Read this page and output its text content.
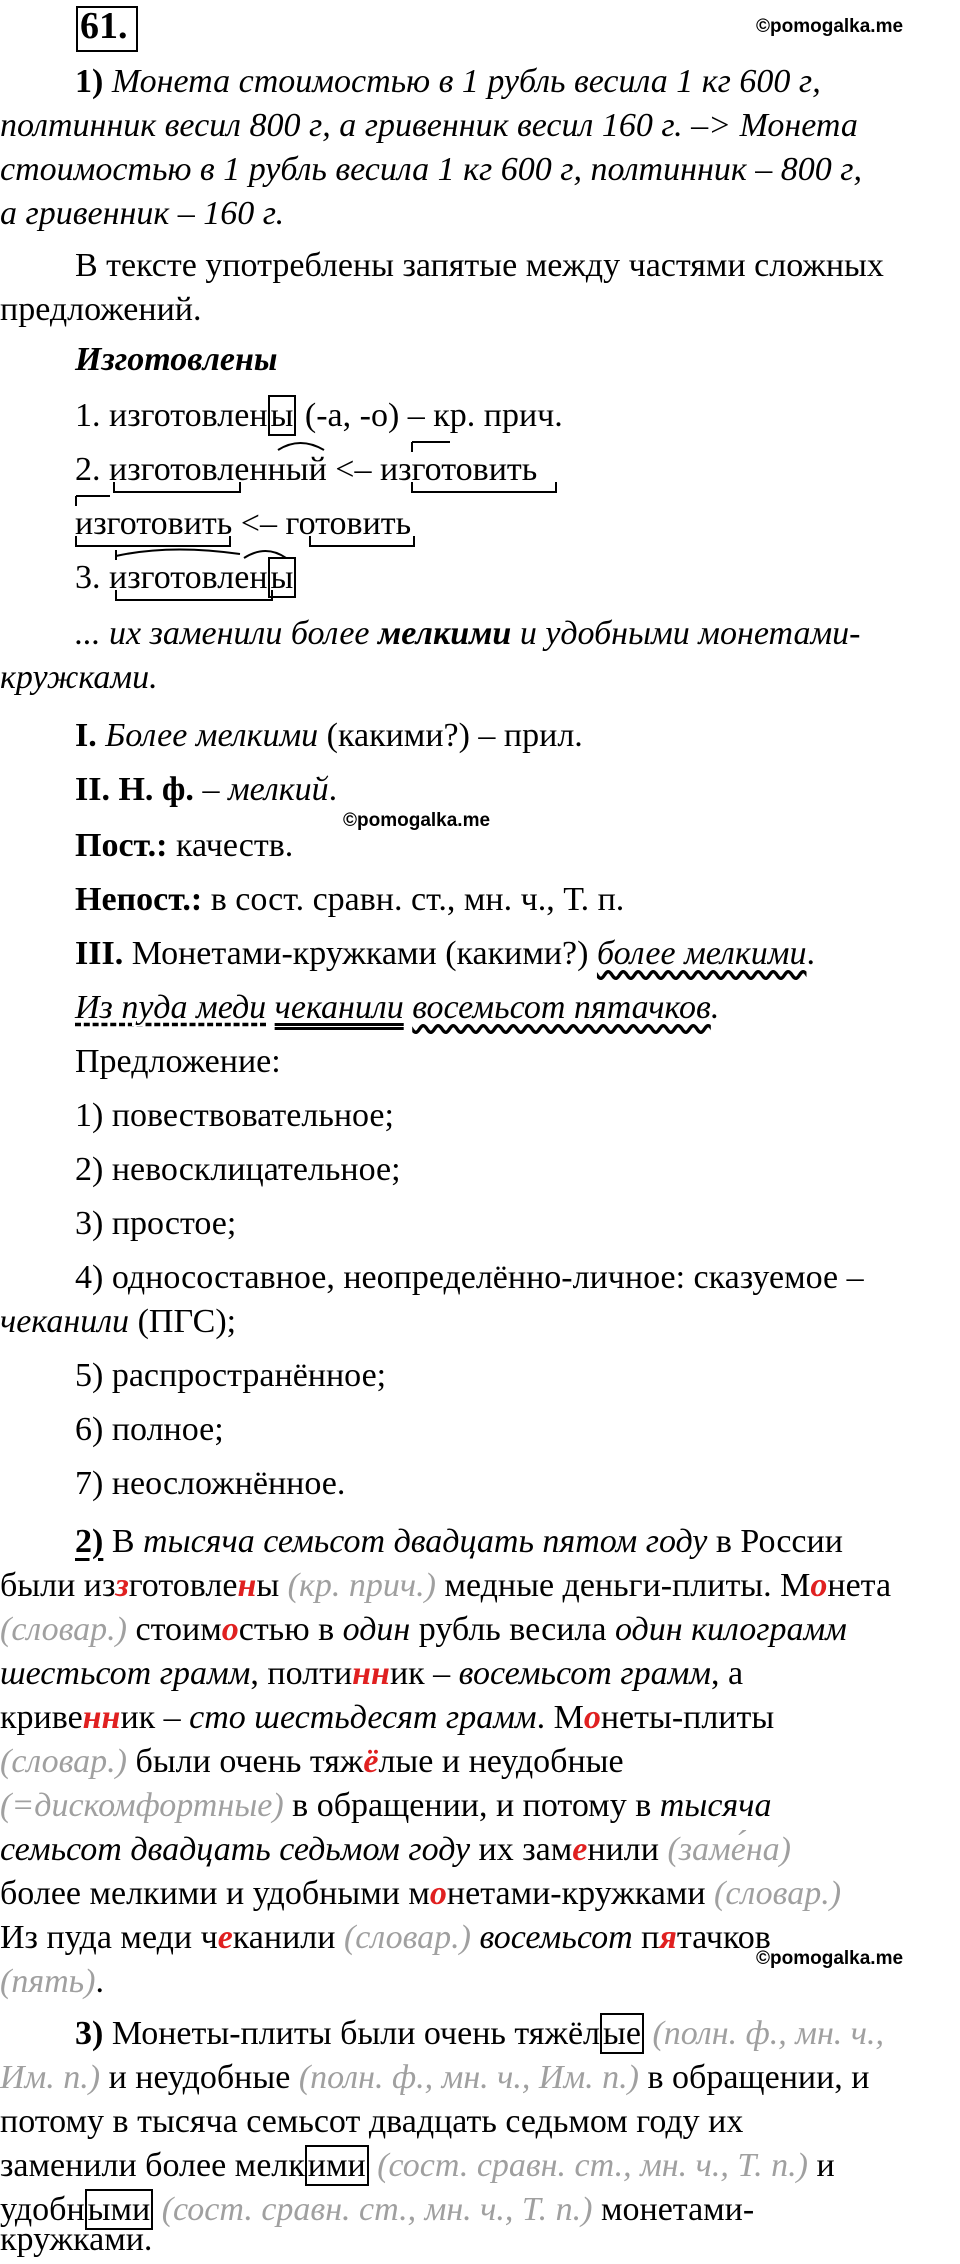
61.	©pomogalka.me
1) Монета стоимостью в 1 рубль весила 1 кг 600 г,
полтинник весил 800 г, а гривенник весил 160 г. –> Монета
стоимостью в 1 рубль весила 1 кг 600 г, полтинник – 800 г,
а гривенник – 160 г.
В тексте употреблены запятые между частями сложных
предложений.
Изготовлены
1. изготовлены (-а, -о) – кр. прич.
2. изготовленный <– изготовить
изготовить <– готовить
3. изготовлены
... их заменили более мелкими и удобными монетами-
кружками.
I. Более мелкими (какими?) – прил.
II. Н. ф. – мелкий.
©pomogalka.me
Пост.: качеств.
Непост.: в сост. сравн. ст., мн. ч., Т. п.
III. Монетами-кружками (какими?) более мелкими.
Из пуда меди чеканили восемьсот пятачков.
Предложение:
1) повествовательное;
2) невосклицательное;
3) простое;
4) односоставное, неопределённо-личное: сказуемое –
чеканили (ПГС);
5) распространённое;
6) полное;
7) неосложнённое.
2) В тысяча семьсот двадцать пятом году в России
были иззготовлены (кр. прич.) медные деньги-плиты. Монета
(словар.) стоимостью в один рубль весила один килограмм
шестьсот грамм, полтинник – восемьсот грамм, а
кривенник – сто шестьдесят грамм. Монеты-плиты
(словар.) были очень тяжёлые и неудобные
(=дискомфортные) в обращении, и потому в тысяча
семьсот двадцать седьмом году их заменили (заме́на)
более мелкими и удобными монетами-кружками (словар.)
Из пуда меди чеканили (словар.) восемьсот пятачков
(пять).
©pomogalka.me
3) Монеты-плиты были очень тяжёлые (полн. ф., мн. ч.,
Им. п.) и неудобные (полн. ф., мн. ч., Им. п.) в обращении, и
потому в тысяча семьсот двадцать седьмом году их
заменили более мелкими (сост. сравн. ст., мн. ч., Т. п.) и
удобными (сост. сравн. ст., мн. ч., Т. п.) монетами-
кружками.
